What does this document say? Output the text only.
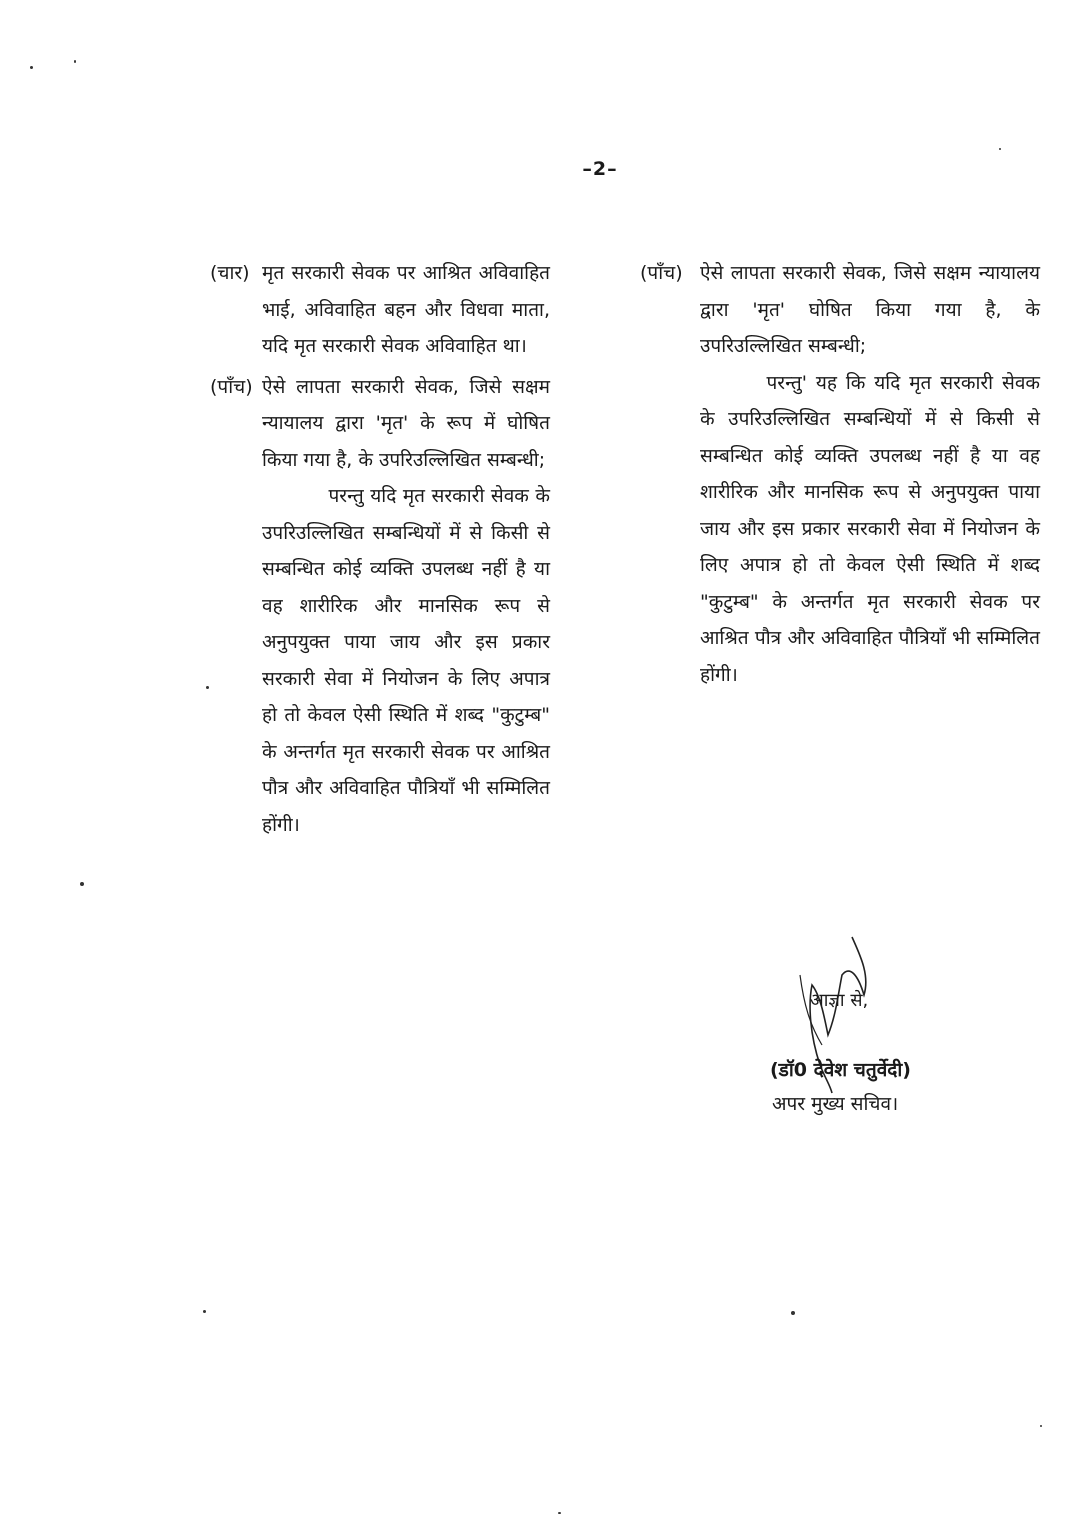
–2–
(चार) मृत सरकारी सेवक पर आश्रित अविवाहित भाई, अविवाहित बहन और विधवा माता, यदि मृत सरकारी सेवक अविवाहित था।
(पाँच) ऐसे लापता सरकारी सेवक, जिसे सक्षम न्यायालय द्वारा 'मृत' के रूप में घोषित किया गया है, के उपरिउल्लिखित सम्बन्धी;
परन्तु यदि मृत सरकारी सेवक के उपरिउल्लिखित सम्बन्धियों में से किसी से सम्बन्धित कोई व्यक्ति उपलब्ध नहीं है या वह शारीरिक और मानसिक रूप से अनुपयुक्त पाया जाय और इस प्रकार सरकारी सेवा में नियोजन के लिए अपात्र हो तो केवल ऐसी स्थिति में शब्द "कुटुम्ब" के अन्तर्गत मृत सरकारी सेवक पर आश्रित पौत्र और अविवाहित पौत्रियाँ भी सम्मिलित होंगी।
(पाँच) ऐसे लापता सरकारी सेवक, जिसे सक्षम न्यायालय द्वारा 'मृत' घोषित किया गया है, के उपरिउल्लिखित सम्बन्धी;
परन्तु' यह कि यदि मृत सरकारी सेवक के उपरिउल्लिखित सम्बन्धियों में से किसी से सम्बन्धित कोई व्यक्ति उपलब्ध नहीं है या वह शारीरिक और मानसिक रूप से अनुपयुक्त पाया जाय और इस प्रकार सरकारी सेवा में नियोजन के लिए अपात्र हो तो केवल ऐसी स्थिति में शब्द "कुटुम्ब" के अन्तर्गत मृत सरकारी सेवक पर आश्रित पौत्र और अविवाहित पौत्रियाँ भी सम्मिलित होंगी।
आज्ञा से,
(डॉ0 देवेश चतुर्वेदी)
अपर मुख्य सचिव।
